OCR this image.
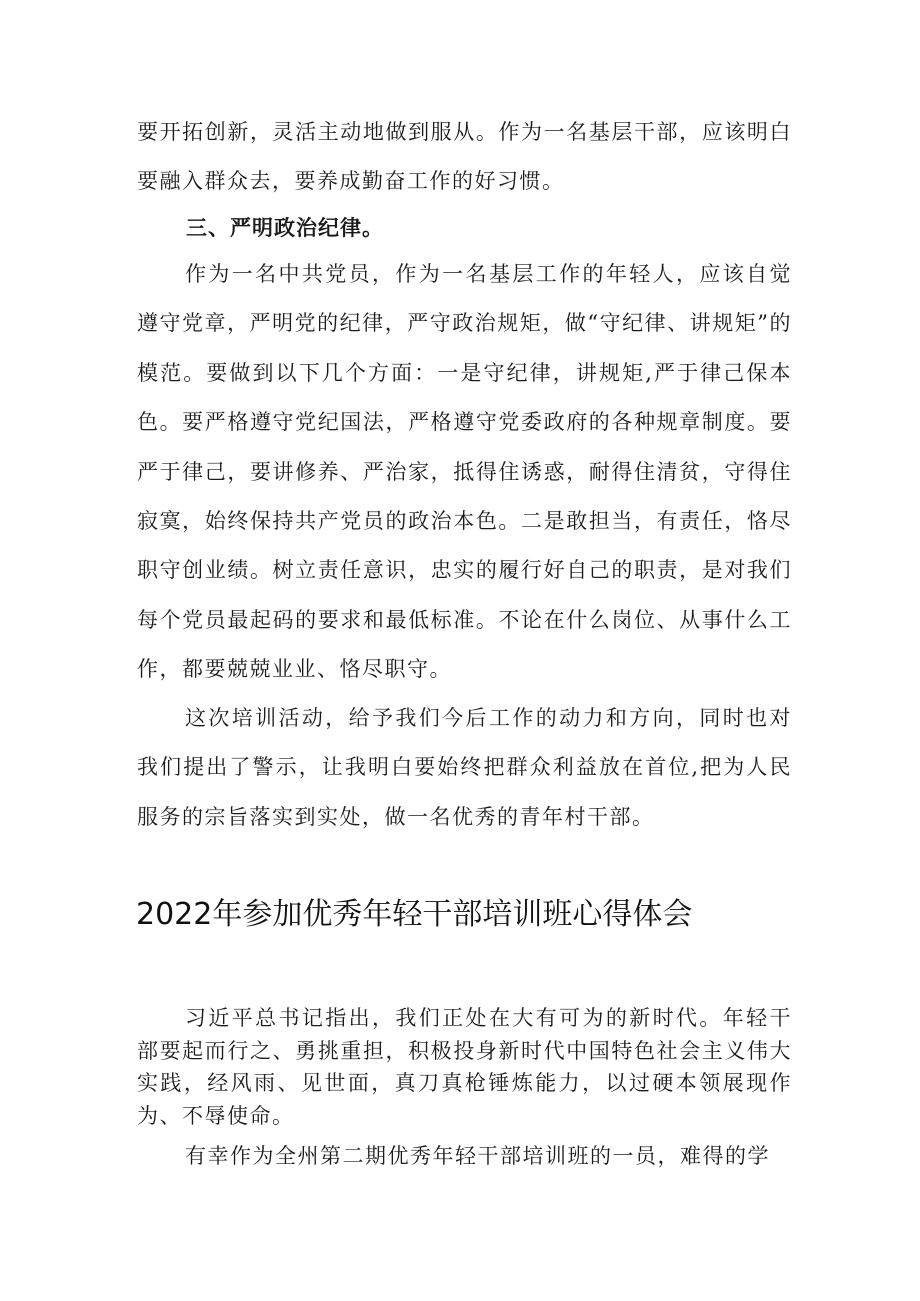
要开拓创新，灵活主动地做到服从。作为一名基层干部，应该明白要融入群众去，要养成勤奋工作的好习惯。

三、严明政治纪律。

作为一名中共党员，作为一名基层工作的年轻人，应该自觉遵守党章，严明党的纪律，严守政治规矩，做“守纪律、讲规矩”的模范。要做到以下几个方面：一是守纪律，讲规矩,严于律己保本色。要严格遵守党纪国法，严格遵守党委政府的各种规章制度。要严于律己，要讲修养、严治家，抵得住诱惑，耐得住清贫，守得住寂寞，始终保持共产党员的政治本色。二是敢担当，有责任，恪尽职守创业绩。树立责任意识，忠实的履行好自己的职责，是对我们每个党员最起码的要求和最低标准。不论在什么岗位、从事什么工作，都要兢兢业业、恪尽职守。

这次培训活动，给予我们今后工作的动力和方向，同时也对我们提出了警示，让我明白要始终把群众利益放在首位,把为人民服务的宗旨落实到实处，做一名优秀的青年村干部。

2022年参加优秀年轻干部培训班心得体会

习近平总书记指出，我们正处在大有可为的新时代。年轻干部要起而行之、勇挑重担，积极投身新时代中国特色社会主义伟大实践，经风雨、见世面，真刀真枪锤炼能力，以过硬本领展现作为、不辱使命。

有幸作为全州第二期优秀年轻干部培训班的一员，难得的学
